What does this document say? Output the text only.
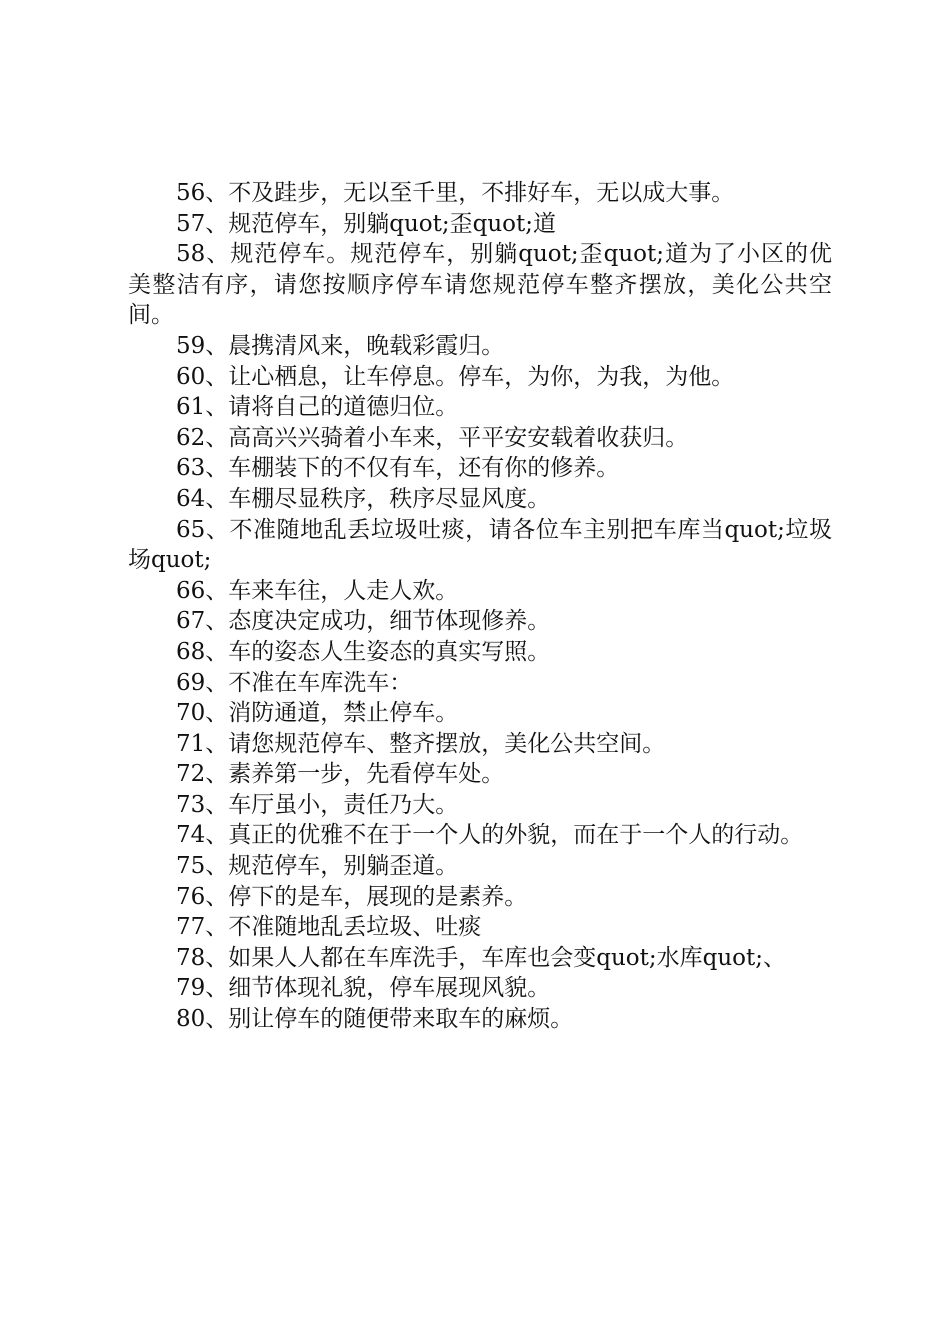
56、不及跬步，无以至千里，不排好车，无以成大事。

57、规范停车，别躺quot;歪quot;道

58、规范停车。规范停车，别躺quot;歪quot;道为了小区的优美整洁有序，请您按顺序停车请您规范停车整齐摆放，美化公共空间。

59、晨携清风来，晚载彩霞归。

60、让心栖息，让车停息。停车，为你，为我，为他。

61、请将自己的道德归位。

62、高高兴兴骑着小车来，平平安安载着收获归。

63、车棚装下的不仅有车，还有你的修养。

64、车棚尽显秩序，秩序尽显风度。

65、不准随地乱丢垃圾吐痰，请各位车主别把车库当quot;垃圾场quot;

66、车来车往，人走人欢。

67、态度决定成功，细节体现修养。

68、车的姿态人生姿态的真实写照。

69、不准在车库洗车：

70、消防通道，禁止停车。

71、请您规范停车、整齐摆放，美化公共空间。

72、素养第一步，先看停车处。

73、车厅虽小，责任乃大。

74、真正的优雅不在于一个人的外貌，而在于一个人的行动。

75、规范停车，别躺歪道。

76、停下的是车，展现的是素养。

77、不准随地乱丢垃圾、吐痰

78、如果人人都在车库洗手，车库也会变quot;水库quot;、

79、细节体现礼貌，停车展现风貌。

80、别让停车的随便带来取车的麻烦。
